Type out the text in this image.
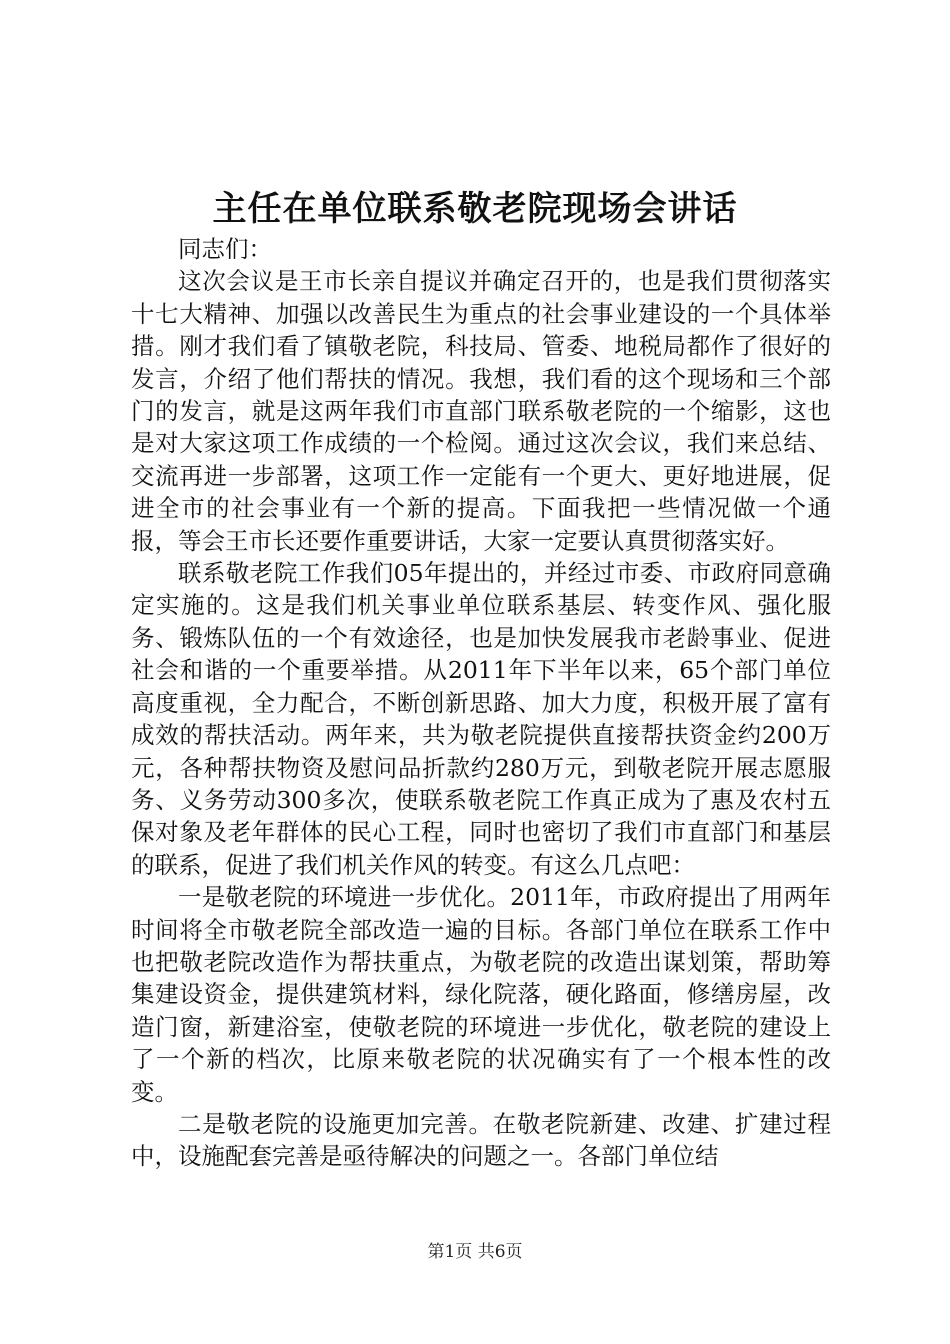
主任在单位联系敬老院现场会讲话

同志们：

这次会议是王市长亲自提议并确定召开的，也是我们贯彻落实十七大精神、加强以改善民生为重点的社会事业建设的一个具体举措。刚才我们看了镇敬老院，科技局、管委、地税局都作了很好的发言，介绍了他们帮扶的情况。我想，我们看的这个现场和三个部门的发言，就是这两年我们市直部门联系敬老院的一个缩影，这也是对大家这项工作成绩的一个检阅。通过这次会议，我们来总结、交流再进一步部署，这项工作一定能有一个更大、更好地进展，促进全市的社会事业有一个新的提高。下面我把一些情况做一个通报，等会王市长还要作重要讲话，大家一定要认真贯彻落实好。

联系敬老院工作我们05年提出的，并经过市委、市政府同意确定实施的。这是我们机关事业单位联系基层、转变作风、强化服务、锻炼队伍的一个有效途径，也是加快发展我市老龄事业、促进社会和谐的一个重要举措。从2011年下半年以来，65个部门单位高度重视，全力配合，不断创新思路、加大力度，积极开展了富有成效的帮扶活动。两年来，共为敬老院提供直接帮扶资金约200万元，各种帮扶物资及慰问品折款约280万元，到敬老院开展志愿服务、义务劳动300多次，使联系敬老院工作真正成为了惠及农村五保对象及老年群体的民心工程，同时也密切了我们市直部门和基层的联系，促进了我们机关作风的转变。有这么几点吧：

一是敬老院的环境进一步优化。2011年，市政府提出了用两年时间将全市敬老院全部改造一遍的目标。各部门单位在联系工作中也把敬老院改造作为帮扶重点，为敬老院的改造出谋划策，帮助筹集建设资金，提供建筑材料，绿化院落，硬化路面，修缮房屋，改造门窗，新建浴室，使敬老院的环境进一步优化，敬老院的建设上了一个新的档次，比原来敬老院的状况确实有了一个根本性的改变。

二是敬老院的设施更加完善。在敬老院新建、改建、扩建过程中，设施配套完善是亟待解决的问题之一。各部门单位结

第1页 共6页
